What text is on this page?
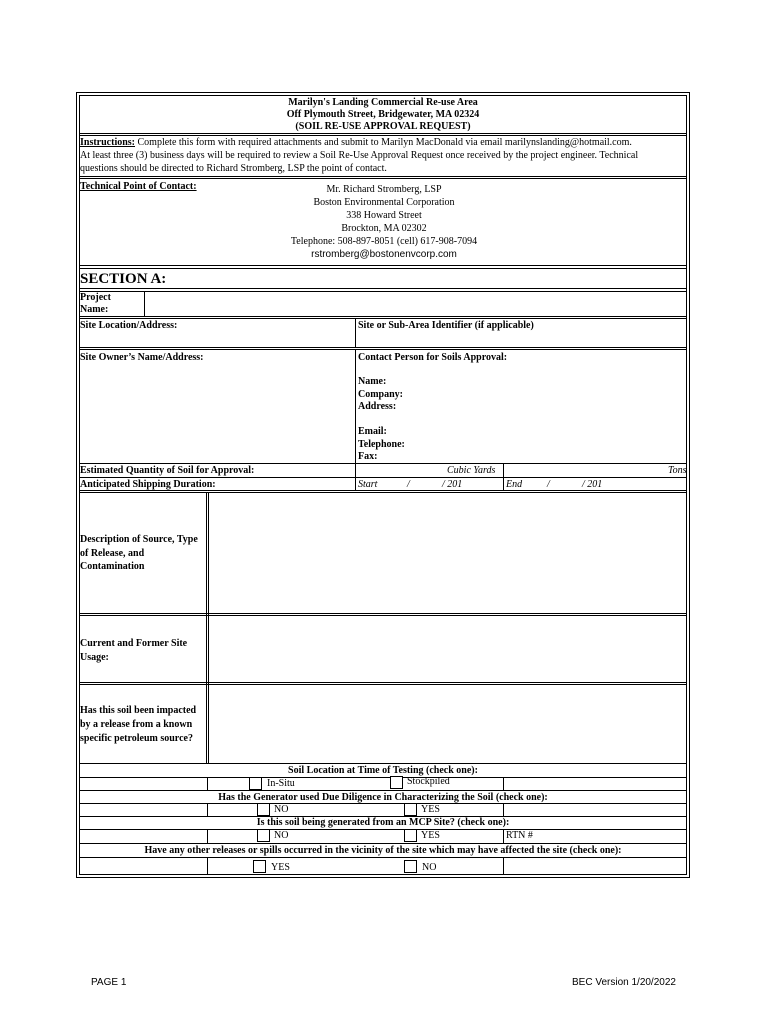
Marilyn's Landing Commercial Re-use Area
Off Plymouth Street, Bridgewater, MA 02324
(SOIL RE-USE APPROVAL REQUEST)
Instructions: Complete this form with required attachments and submit to Marilyn MacDonald via email marilynslanding@hotmail.com.
At least three (3) business days will be required to review a Soil Re-Use Approval Request once received by the project engineer. Technical
questions should be directed to Richard Stromberg, LSP the point of contact.
Technical Point of Contact:	Mr. Richard Stromberg, LSP
Boston Environmental Corporation
338 Howard Street
Brockton, MA 02302
Telephone: 508-897-8051 (cell) 617-908-7094
rstromberg@bostonenvcorp.com
SECTION A:
Project
Name:
Site Location/Address:	Site or Sub-Area Identifier (if applicable)
Site Owner’s Name/Address:	Contact Person for Soils Approval:
Name:
Company:
Address:
Email:
Telephone:
Fax:
Estimated Quantity of Soil for Approval:	Cubic Yards	Tons
Anticipated Shipping Duration:	Start	/	/ 201	End /	/ 201
Description of Source, Type
of Release, and
Contamination
Current and Former Site
Usage:
Has this soil been impacted
by a release from a known
specific petroleum source?
Soil Location at Time of Testing (check one):
In-Situ	Stockpiled
Has the Generator used Due Diligence in Characterizing the Soil (check one):
NO	YES
Is this soil being generated from an MCP Site? (check one):
NO	YES	RTN #
Have any other releases or spills occurred in the vicinity of the site which may have affected the site (check one):
YES	NO
PAGE 1	BEC Version 1/20/2022
